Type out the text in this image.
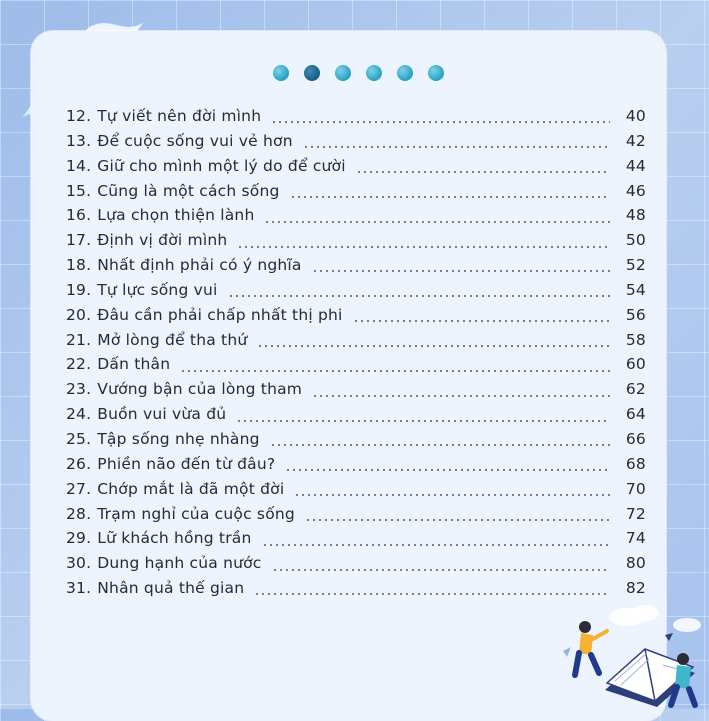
12. Tự viết nên đời mình	40
13. Để cuộc sống vui vẻ hơn	42
14. Giữ cho mình một lý do để cười	44
15. Cũng là một cách sống	46
16. Lựa chọn thiện lành	48
17. Định vị đời mình	50
18. Nhất định phải có ý nghĩa	52
19. Tự lực sống vui	54
20. Đâu cần phải chấp nhất thị phi	56
21. Mở lòng để tha thứ	58
22. Dấn thân	60
23. Vướng bận của lòng tham	62
24. Buồn vui vừa đủ	64
25. Tập sống nhẹ nhàng	66
26. Phiền não đến từ đâu?	68
27. Chớp mắt là đã một đời	70
28. Trạm nghỉ của cuộc sống	72
29. Lữ khách hồng trần	74
30. Dung hạnh của nước	80
31. Nhân quả thế gian	82
